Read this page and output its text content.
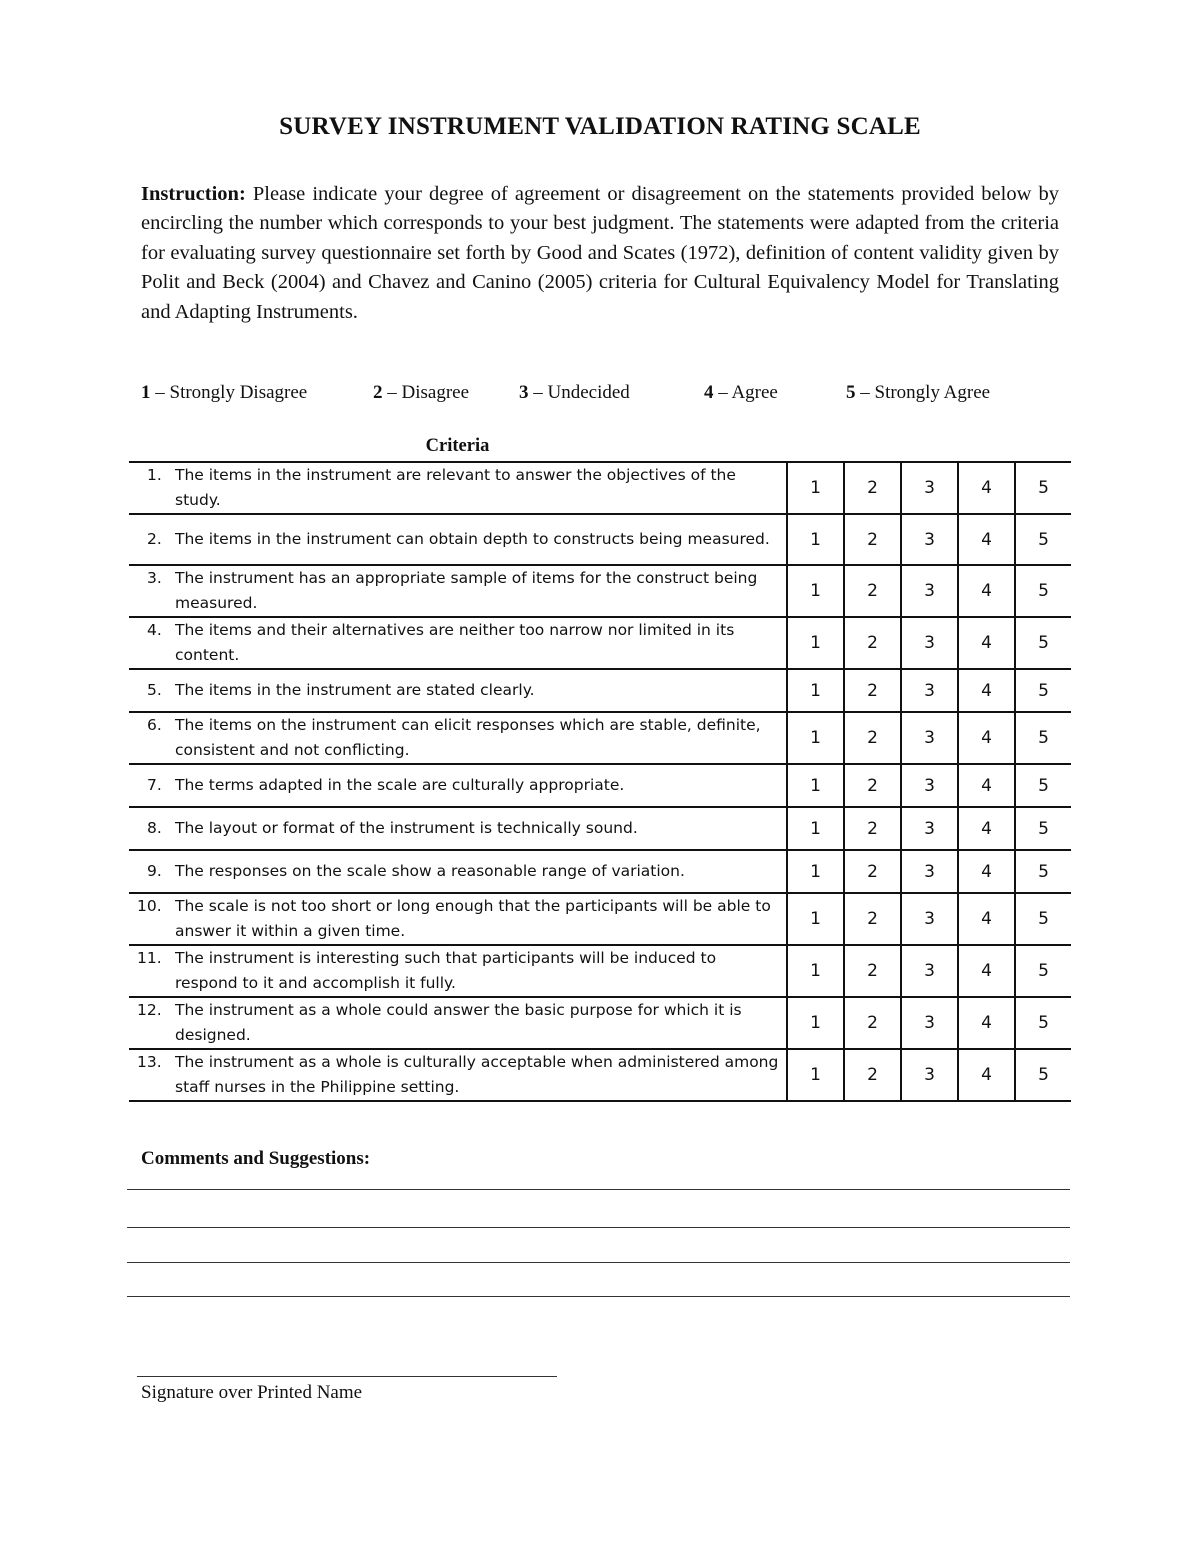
SURVEY INSTRUMENT VALIDATION RATING SCALE
Instruction: Please indicate your degree of agreement or disagreement on the statements provided below by encircling the number which corresponds to your best judgment. The statements were adapted from the criteria for evaluating survey questionnaire set forth by Good and Scates (1972), definition of content validity given by Polit and Beck (2004) and Chavez and Canino (2005) criteria for Cultural Equivalency Model for Translating and Adapting Instruments.
1 – Strongly Disagree	2 – Disagree	3 – Undecided	4 – Agree	5 – Strongly Agree
Criteria
1. The items in the instrument are relevant to answer the objectives of the study.	1	2	3	4	5

2. The items in the instrument can obtain depth to constructs being measured.	1	2	3	4	5

3. The instrument has an appropriate sample of items for the construct being measured.	1	2	3	4	5

4. The items and their alternatives are neither too narrow nor limited in its content.	1	2	3	4	5

5. The items in the instrument are stated clearly.	1	2	3	4	5

6. The items on the instrument can elicit responses which are stable, definite, consistent and not conflicting.	1	2	3	4	5

7. The terms adapted in the scale are culturally appropriate.	1	2	3	4	5

8. The layout or format of the instrument is technically sound.	1	2	3	4	5

9. The responses on the scale show a reasonable range of variation.	1	2	3	4	5

10. The scale is not too short or long enough that the participants will be able to answer it within a given time.	1	2	3	4	5

11. The instrument is interesting such that participants will be induced to respond to it and accomplish it fully.	1	2	3	4	5

12. The instrument as a whole could answer the basic purpose for which it is designed.	1	2	3	4	5

13. The instrument as a whole is culturally acceptable when administered among staff nurses in the Philippine setting.	1	2	3	4	5
Comments and Suggestions:
Signature over Printed Name
